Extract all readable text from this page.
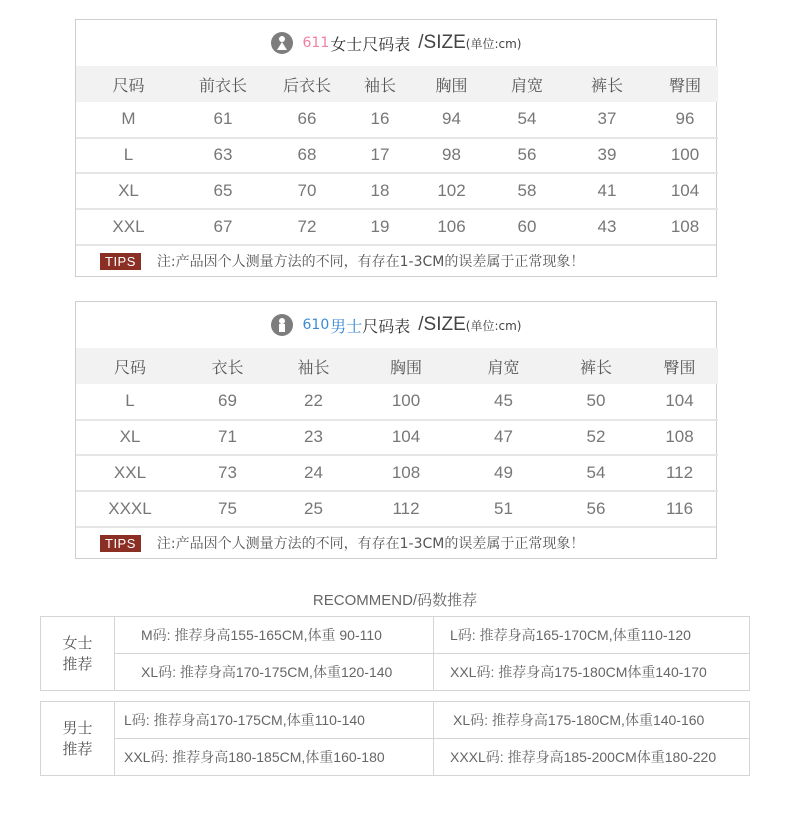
611 女士 尺码表 /SIZE (单位:cm)
尺码	前衣长	后衣长	袖长	胸围	肩宽	裤长	臀围
M	61	66	16	94	54	37	96
L	63	68	17	98	56	39	100
XL	65	70	18	102	58	41	104
XXL	67	72	19	106	60	43	108
TIPS	注:产品因个人测量方法的不同，有存在1-3CM的误差属于正常现象！
610 男士 尺码表 /SIZE (单位:cm)
尺码	衣长	袖长	胸围	肩宽	裤长	臀围
L	69	22	100	45	50	104
XL	71	23	104	47	52	108
XXL	73	24	108	49	54	112
XXXL	75	25	112	51	56	116
TIPS	注:产品因个人测量方法的不同，有存在1-3CM的误差属于正常现象！
RECOMMEND/码数推荐
女士
推荐
M码: 推荐身高155-165CM,体重 90-110	L码: 推荐身高165-170CM,体重110-120
XL码: 推荐身高170-175CM,体重120-140	XXL码: 推荐身高175-180CM体重140-170
男士
推荐
L码: 推荐身高170-175CM,体重110-140	XL码: 推荐身高175-180CM,体重140-160
XXL码: 推荐身高180-185CM,体重160-180	XXXL码: 推荐身高185-200CM体重180-220
